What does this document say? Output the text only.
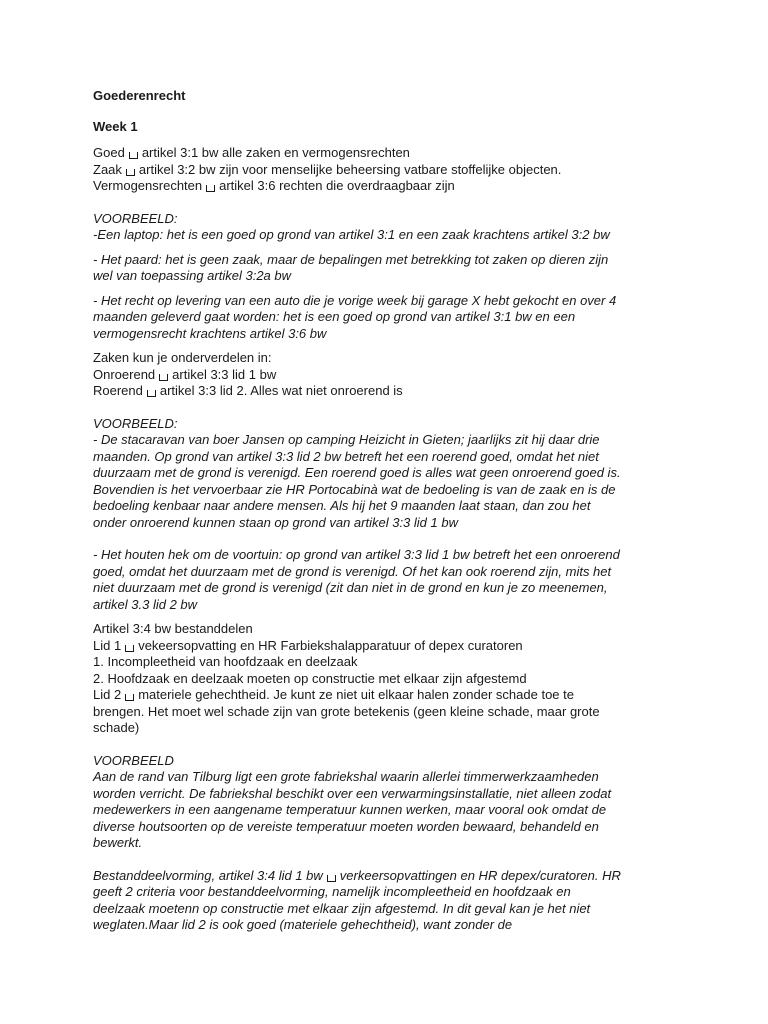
Goederenrecht
Week 1
Goed artikel 3:1 bw alle zaken en vermogensrechten
Zaak artikel 3:2 bw zijn voor menselijke beheersing vatbare stoffelijke objecten.
Vermogensrechten artikel 3:6 rechten die overdraagbaar zijn
VOORBEELD:
-Een laptop: het is een goed op grond van artikel 3:1 en een zaak krachtens artikel 3:2 bw
- Het paard: het is geen zaak, maar de bepalingen met betrekking tot zaken op dieren zijn
wel van toepassing artikel 3:2a bw
- Het recht op levering van een auto die je vorige week bij garage X hebt gekocht en over 4
maanden geleverd gaat worden: het is een goed op grond van artikel 3:1 bw en een
vermogensrecht krachtens artikel 3:6 bw
Zaken kun je onderverdelen in:
Onroerend artikel 3:3 lid 1 bw
Roerend artikel 3:3 lid 2. Alles wat niet onroerend is
VOORBEELD:
- De stacaravan van boer Jansen op camping Heizicht in Gieten; jaarlijks zit hij daar drie
maanden. Op grond van artikel 3:3 lid 2 bw betreft het een roerend goed, omdat het niet
duurzaam met de grond is verenigd. Een roerend goed is alles wat geen onroerend goed is.
Bovendien is het vervoerbaar zie HR Portocabinà wat de bedoeling is van de zaak en is de
bedoeling kenbaar naar andere mensen. Als hij het 9 maanden laat staan, dan zou het
onder onroerend kunnen staan op grond van artikel 3:3 lid 1 bw
- Het houten hek om de voortuin: op grond van artikel 3:3 lid 1 bw betreft het een onroerend
goed, omdat het duurzaam met de grond is verenigd. Of het kan ook roerend zijn, mits het
niet duurzaam met de grond is verenigd (zit dan niet in de grond en kun je zo meenemen,
artikel 3.3 lid 2 bw
Artikel 3:4 bw bestanddelen
Lid 1 vekeersopvatting en HR Farbiekshalapparatuur of depex curatoren
1. Incompleetheid van hoofdzaak en deelzaak
2. Hoofdzaak en deelzaak moeten op constructie met elkaar zijn afgestemd
Lid 2 materiele gehechtheid. Je kunt ze niet uit elkaar halen zonder schade toe te
brengen. Het moet wel schade zijn van grote betekenis (geen kleine schade, maar grote
schade)
VOORBEELD
Aan de rand van Tilburg ligt een grote fabriekshal waarin allerlei timmerwerkzaamheden
worden verricht. De fabriekshal beschikt over een verwarmingsinstallatie, niet alleen zodat
medewerkers in een aangename temperatuur kunnen werken, maar vooral ook omdat de
diverse houtsoorten op de vereiste temperatuur moeten worden bewaard, behandeld en
bewerkt.
Bestanddeelvorming, artikel 3:4 lid 1 bw verkeersopvattingen en HR depex/curatoren. HR
geeft 2 criteria voor bestanddeelvorming, namelijk incompleetheid en hoofdzaak en
deelzaak moetenn op constructie met elkaar zijn afgestemd. In dit geval kan je het niet
weglaten.Maar lid 2 is ook goed (materiele gehechtheid), want zonder de
